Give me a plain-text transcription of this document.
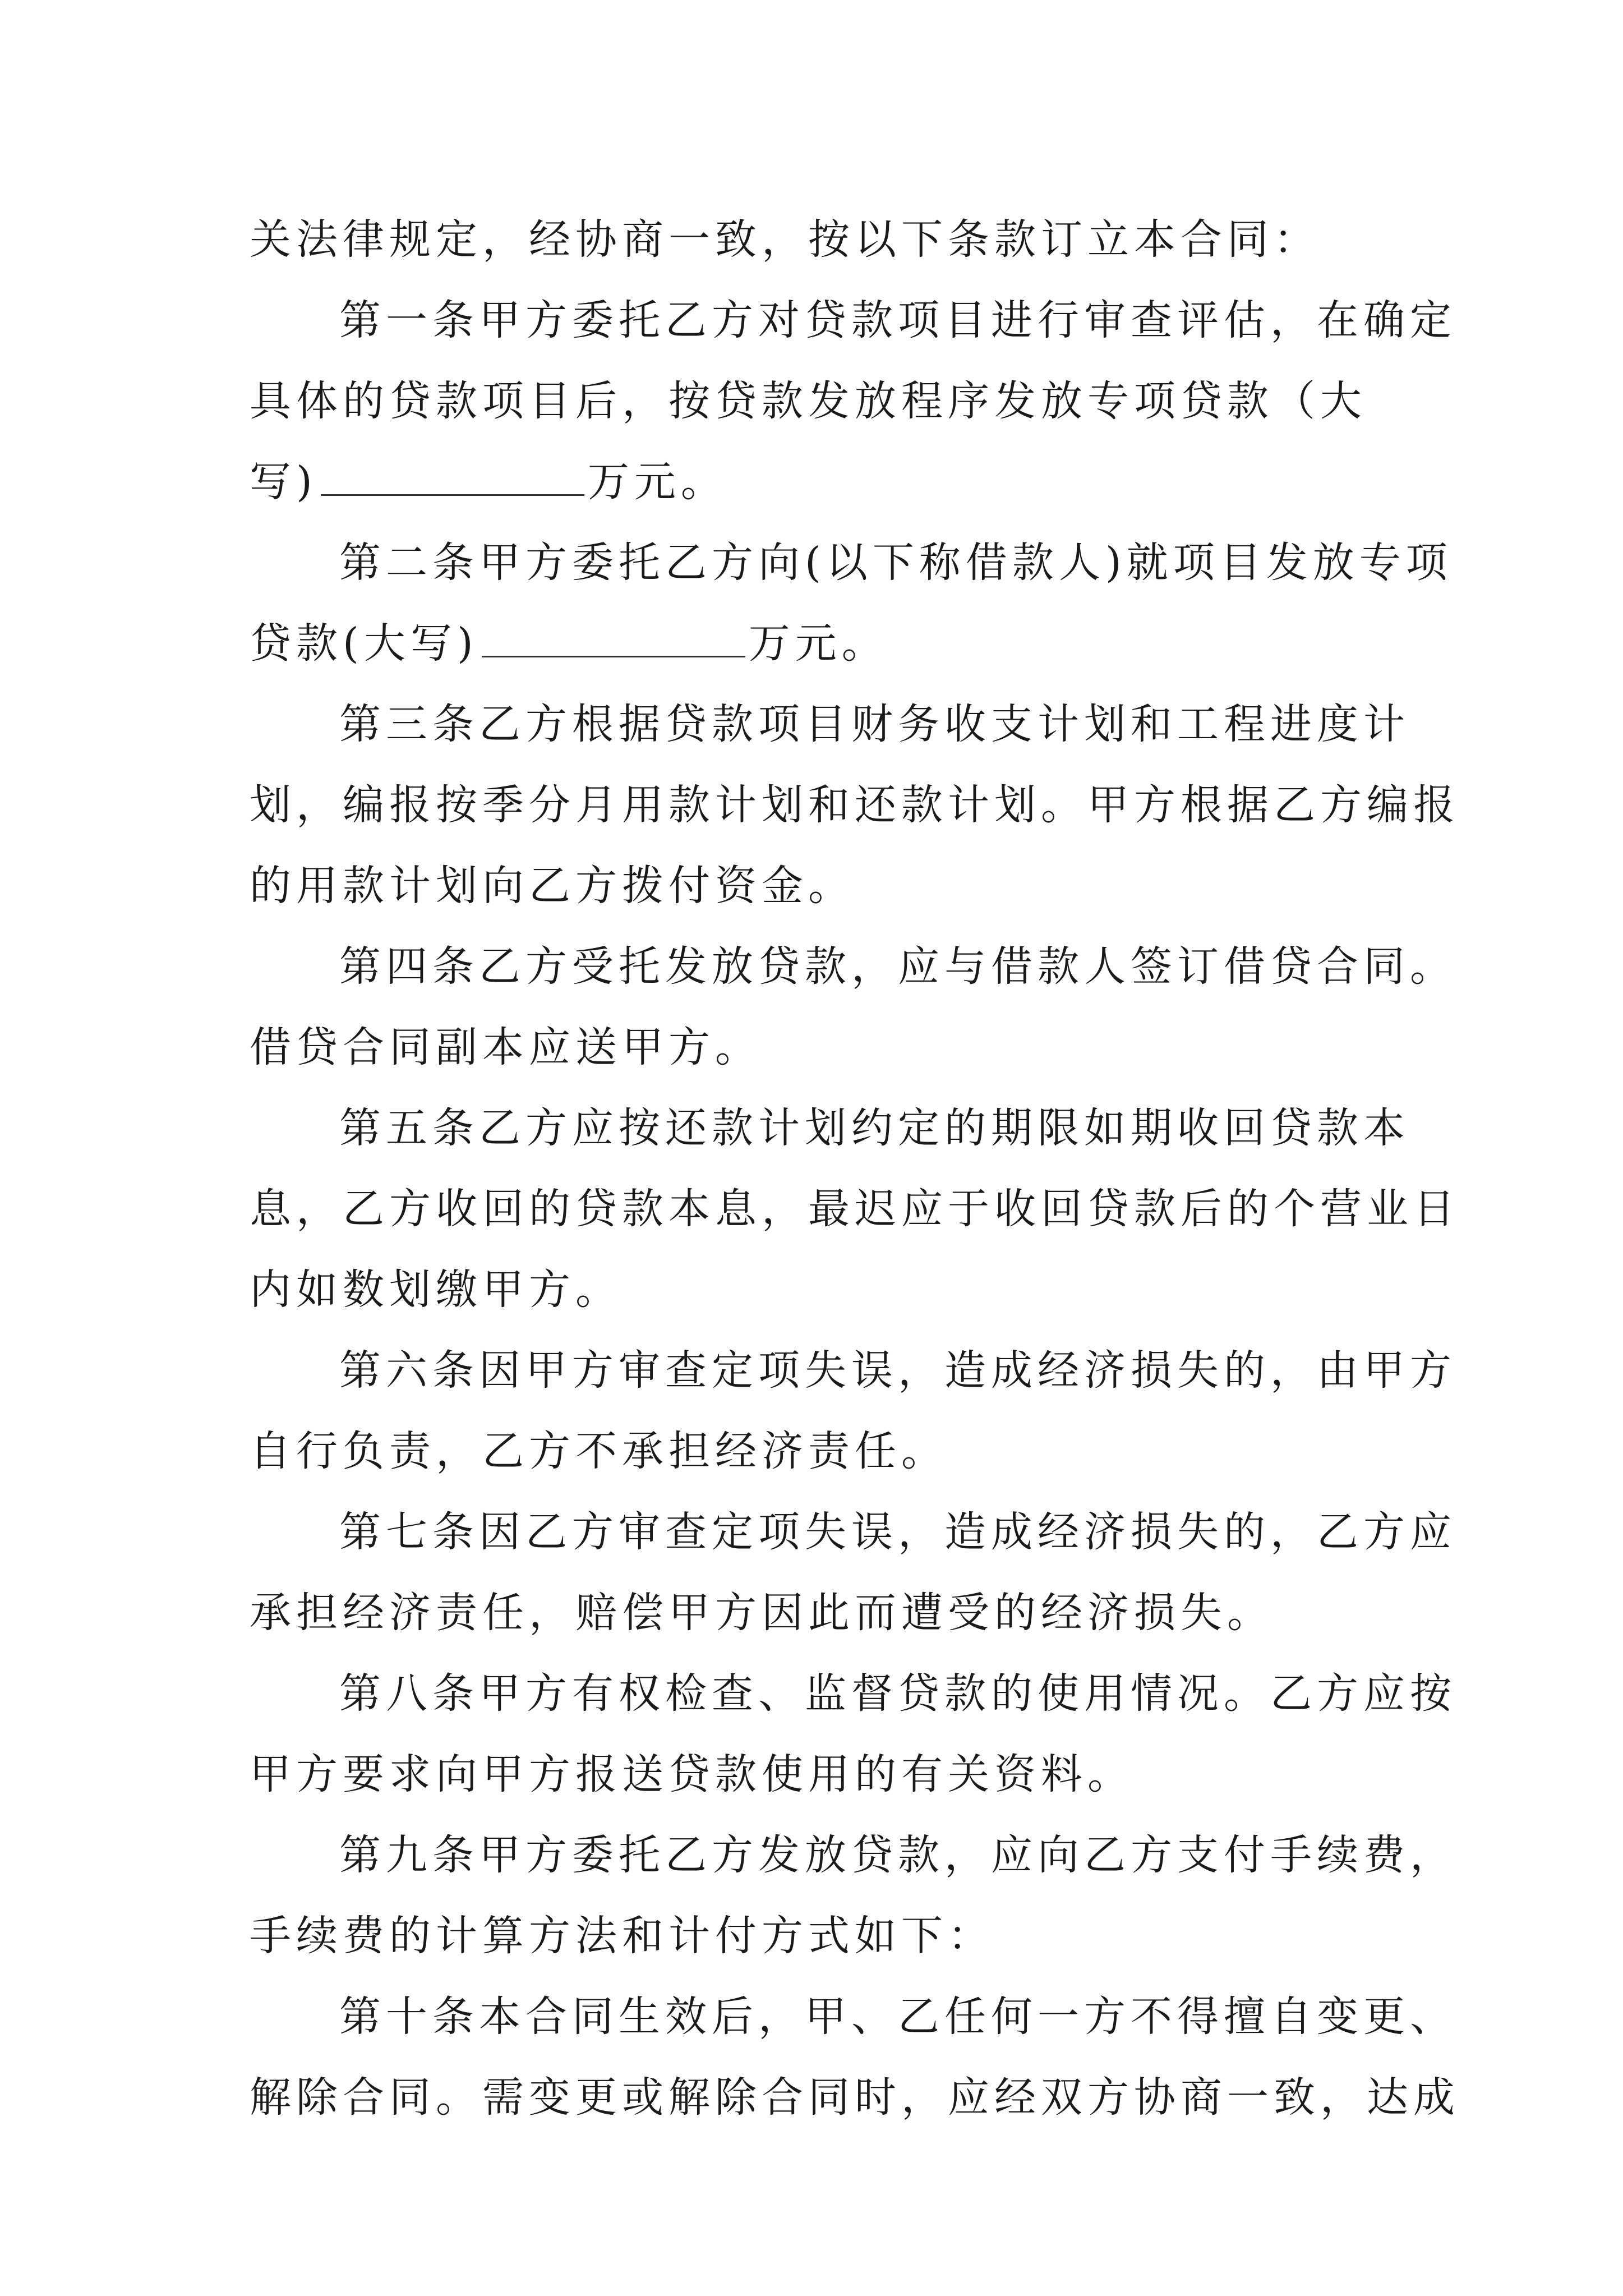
关法律规定，经协商一致，按以下条款订立本合同：
第一条甲方委托乙方对贷款项目进行审查评估，在确定
具体的贷款项目后，按贷款发放程序发放专项贷款（大
写)	万元。
第二条甲方委托乙方向(以下称借款人)就项目发放专项
贷款(大写)	万元。
第三条乙方根据贷款项目财务收支计划和工程进度计
划，编报按季分月用款计划和还款计划。甲方根据乙方编报
的用款计划向乙方拨付资金。
第四条乙方受托发放贷款，应与借款人签订借贷合同。
借贷合同副本应送甲方。
第五条乙方应按还款计划约定的期限如期收回贷款本
息，乙方收回的贷款本息，最迟应于收回贷款后的个营业日
内如数划缴甲方。
第六条因甲方审查定项失误，造成经济损失的，由甲方
自行负责，乙方不承担经济责任。
第七条因乙方审查定项失误，造成经济损失的，乙方应
承担经济责任，赔偿甲方因此而遭受的经济损失。
第八条甲方有权检查、监督贷款的使用情况。乙方应按
甲方要求向甲方报送贷款使用的有关资料。
第九条甲方委托乙方发放贷款，应向乙方支付手续费，
手续费的计算方法和计付方式如下：
第十条本合同生效后，甲、乙任何一方不得擅自变更、
解除合同。需变更或解除合同时，应经双方协商一致，达成
